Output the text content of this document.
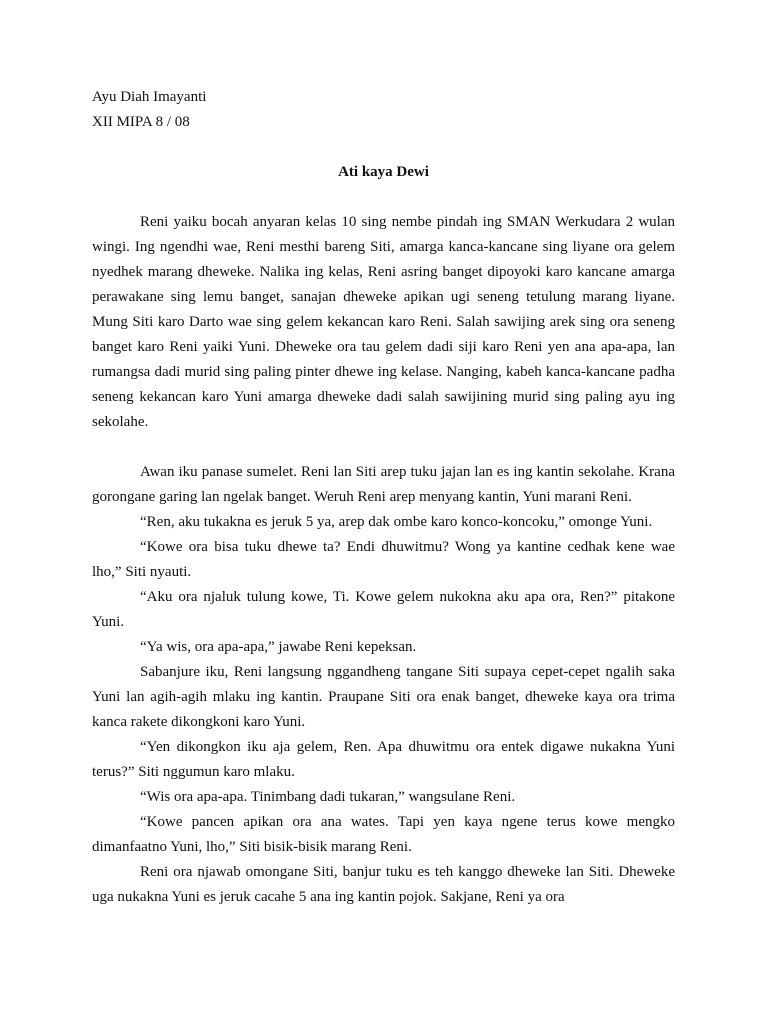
Ayu Diah Imayanti
XII MIPA 8 / 08
Ati kaya Dewi

Reni yaiku bocah anyaran kelas 10 sing nembe pindah ing SMAN Werkudara 2 wulan wingi. Ing ngendhi wae, Reni mesthi bareng Siti, amarga kanca-kancane sing liyane ora gelem nyedhek marang dheweke. Nalika ing kelas, Reni asring banget dipoyoki karo kancane amarga perawakane sing lemu banget, sanajan dheweke apikan ugi seneng tetulung marang liyane. Mung Siti karo Darto wae sing gelem kekancan karo Reni. Salah sawijing arek sing ora seneng banget karo Reni yaiki Yuni. Dheweke ora tau gelem dadi siji karo Reni yen ana apa-apa, lan rumangsa dadi murid sing paling pinter dhewe ing kelase. Nanging, kabeh kanca-kancane padha seneng kekancan karo Yuni amarga dheweke dadi salah sawijining murid sing paling ayu ing sekolahe.

Awan iku panase sumelet. Reni lan Siti arep tuku jajan lan es ing kantin sekolahe. Krana gorongane garing lan ngelak banget. Weruh Reni arep menyang kantin, Yuni marani Reni.

“Ren, aku tukakna es jeruk 5 ya, arep dak ombe karo konco-koncoku,” omonge Yuni.

“Kowe ora bisa tuku dhewe ta? Endi dhuwitmu? Wong ya kantine cedhak kene wae lho,” Siti nyauti.

“Aku ora njaluk tulung kowe, Ti. Kowe gelem nukokna aku apa ora, Ren?” pitakone Yuni.

“Ya wis, ora apa-apa,” jawabe Reni kepeksan.

Sabanjure iku, Reni langsung nggandheng tangane Siti supaya cepet-cepet ngalih saka Yuni lan agih-agih mlaku ing kantin. Praupane Siti ora enak banget, dheweke kaya ora trima kanca rakete dikongkoni karo Yuni.

“Yen dikongkon iku aja gelem, Ren. Apa dhuwitmu ora entek digawe nukakna Yuni terus?” Siti nggumun karo mlaku.

“Wis ora apa-apa. Tinimbang dadi tukaran,” wangsulane Reni.

“Kowe pancen apikan ora ana wates. Tapi yen kaya ngene terus kowe mengko dimanfaatno Yuni, lho,” Siti bisik-bisik marang Reni.

Reni ora njawab omongane Siti, banjur tuku es teh kanggo dheweke lan Siti. Dheweke uga nukakna Yuni es jeruk cacahe 5 ana ing kantin pojok. Sakjane, Reni ya ora
